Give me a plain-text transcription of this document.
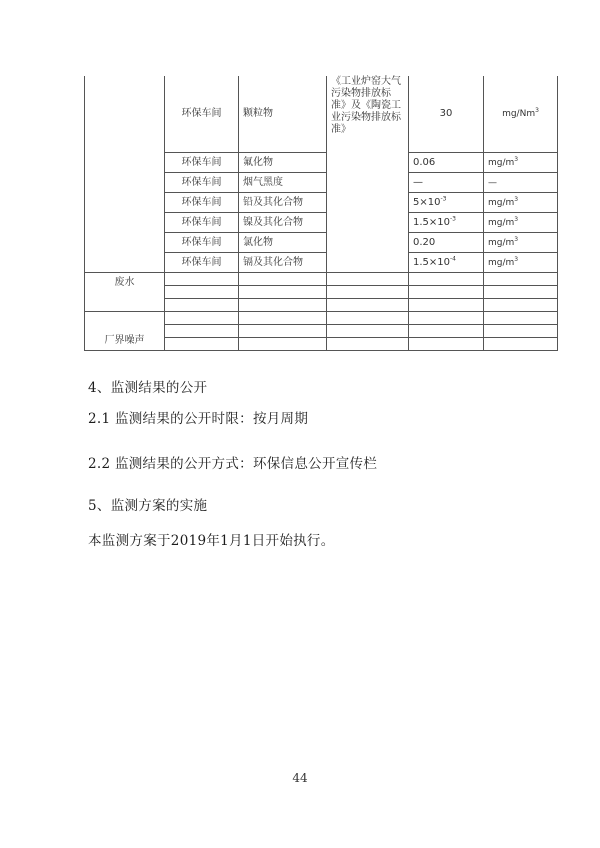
	环保车间	颗粒物	《工业炉窑大气污染物排放标准》及《陶瓷工业污染物排放标准》	30	mg/Nm$^3$
	环保车间	氟化物		0.06	$mg/m^3$
	环保车间	烟气黑度		—	—
	环保车间	铅及其化合物		$5\times 10^{-3}$	$mg/m^3$
	环保车间	镍及其化合物		$1.5\times 10^{-3}$	$mg/m^3$
	环保车间	氯化物		0.20	$mg/m^3$
	环保车间	镉及其化合物		$1.5\times 10^{-4}$	$mg/m^3$
废水					

厂界噪声					

4、监测结果的公开
2.1 监测结果的公开时限：按月周期
2.2 监测结果的公开方式：环保信息公开宣传栏
5、监测方案的实施
本监测方案于2019年1月1日开始执行。
44
